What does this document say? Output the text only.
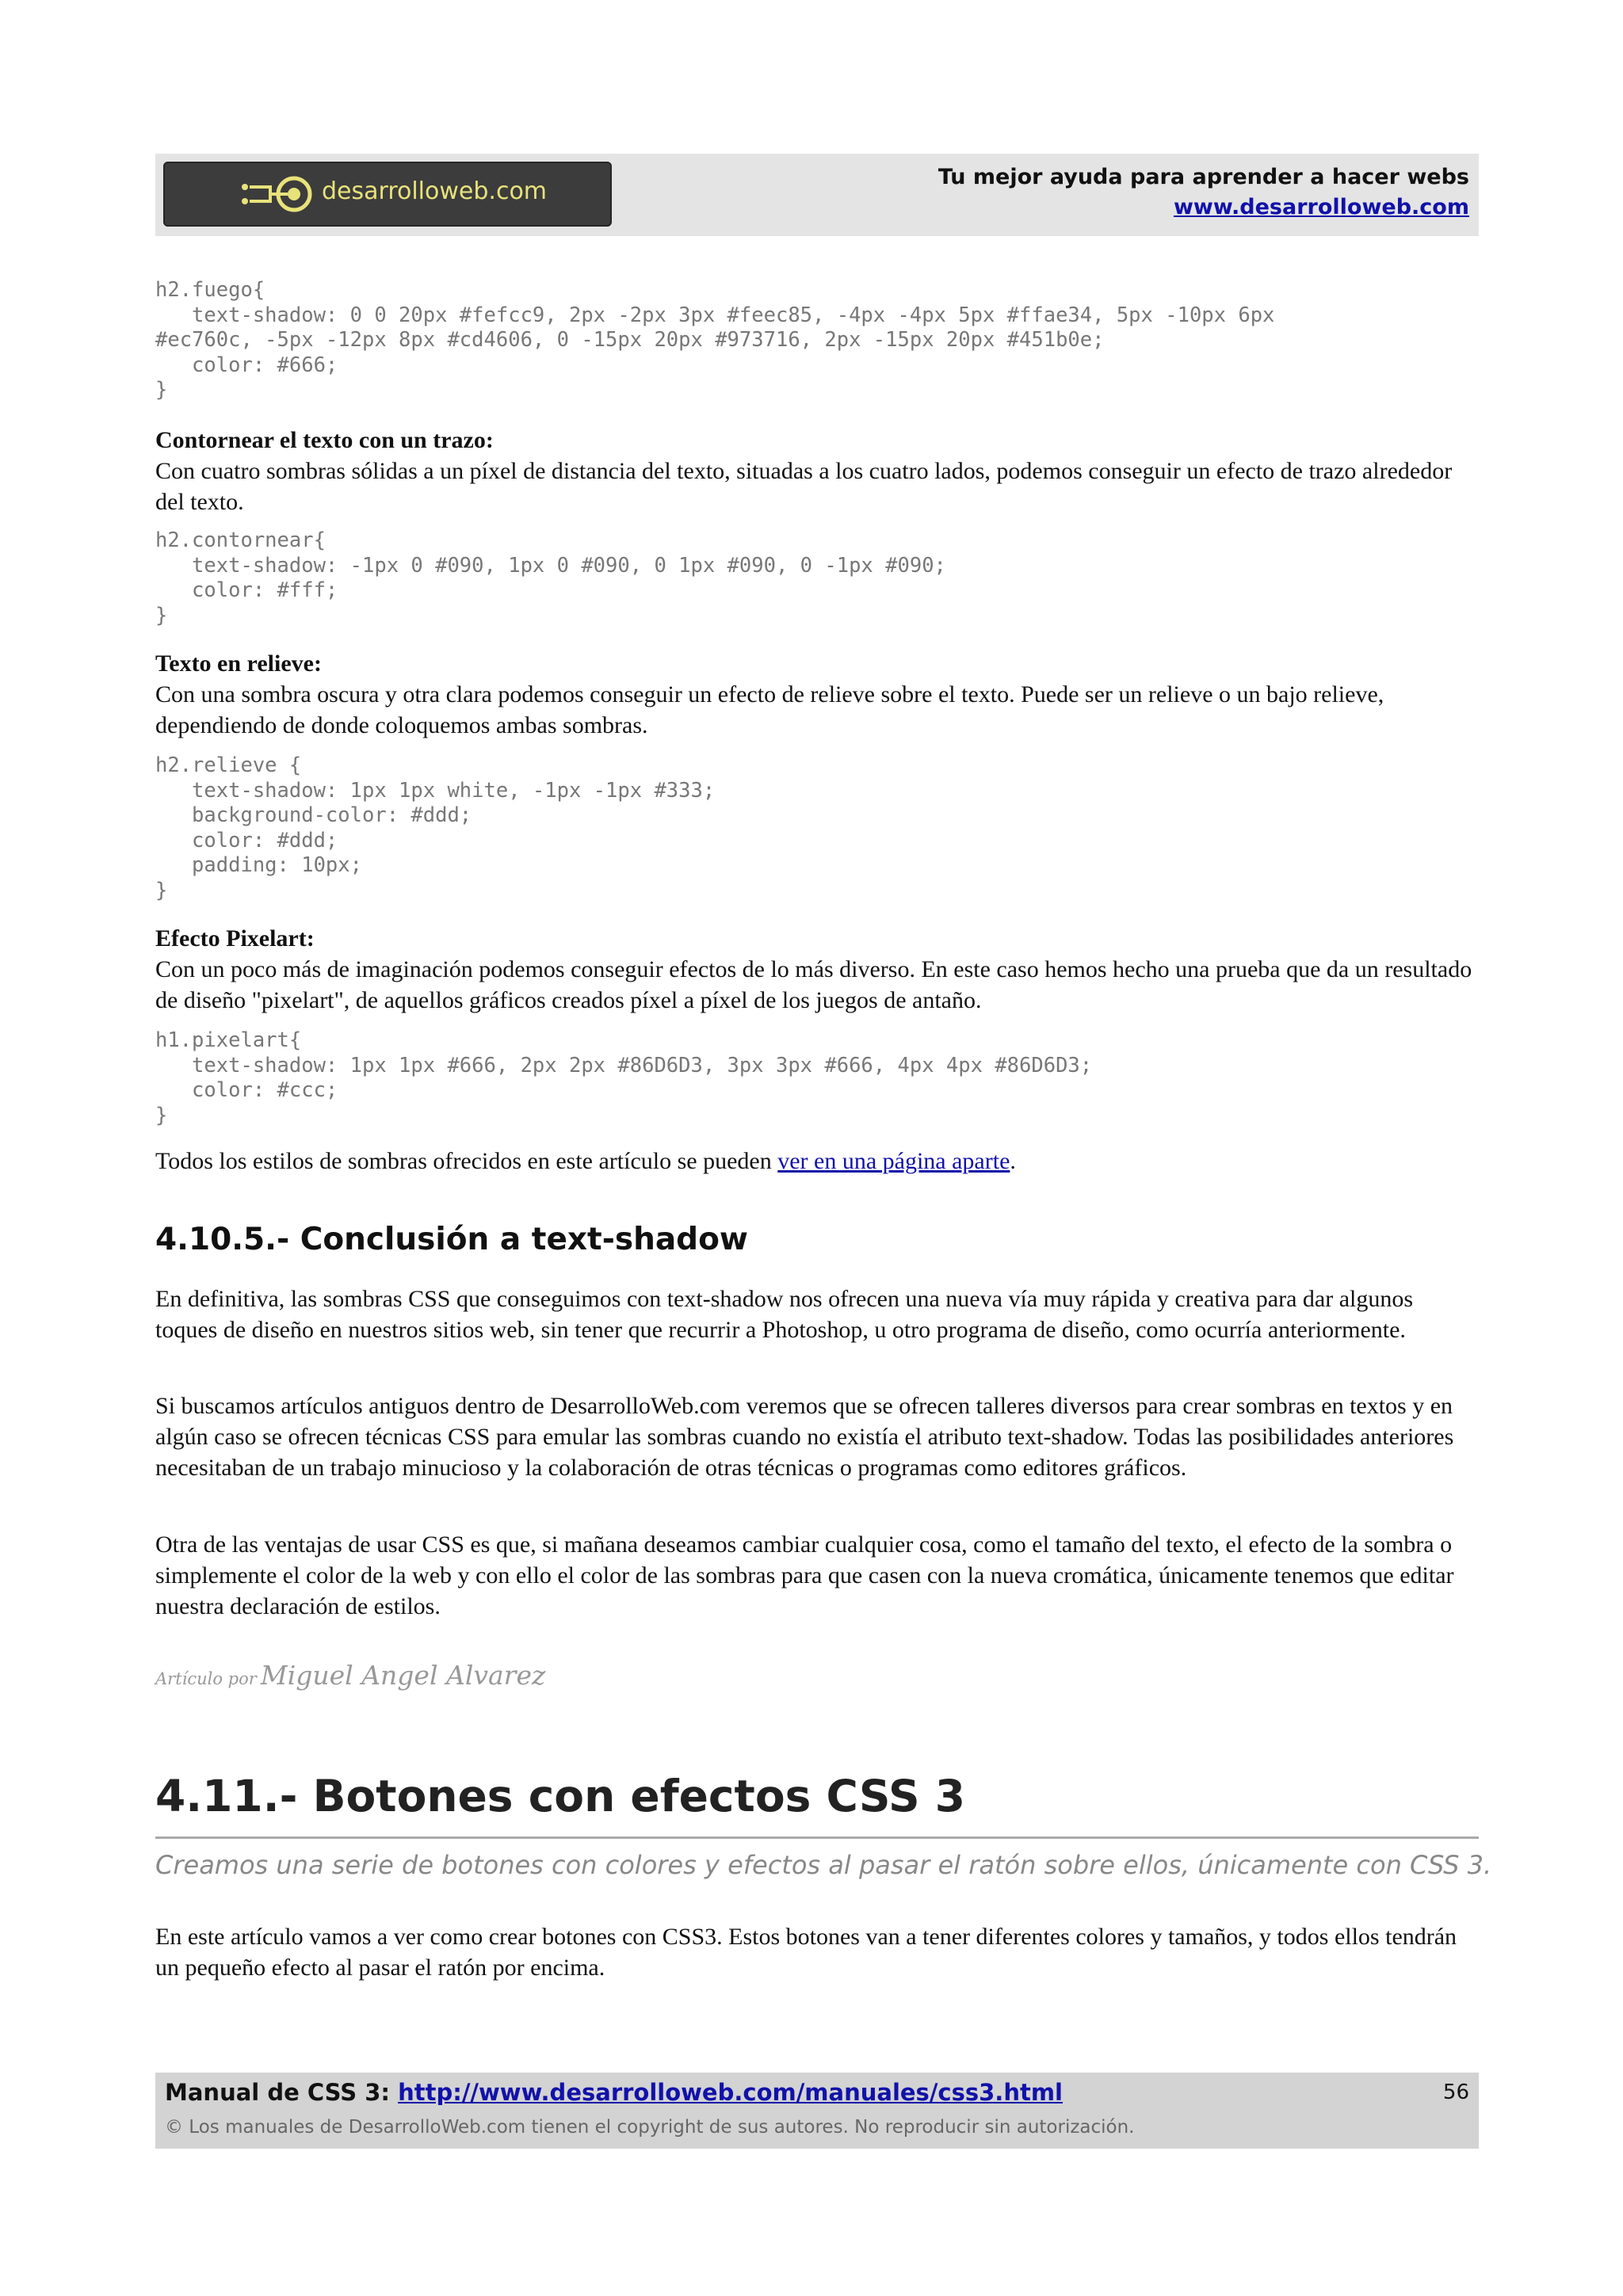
desarrolloweb.com
Tu mejor ayuda para aprender a hacer webs
www.desarrolloweb.com
h2.fuego{
text-shadow: 0 0 20px #fefcc9, 2px -2px 3px #feec85, -4px -4px 5px #ffae34, 5px -10px 6px
#ec760c, -5px -12px 8px #cd4606, 0 -15px 20px #973716, 2px -15px 20px #451b0e;
color: #666;
}

Contornear el texto con un trazo:
Con cuatro sombras sólidas a un píxel de distancia del texto, situadas a los cuatro lados, podemos conseguir un efecto de trazo alrededor del texto.

h2.contornear{
text-shadow: -1px 0 #090, 1px 0 #090, 0 1px #090, 0 -1px #090;
color: #fff;
}

Texto en relieve:
Con una sombra oscura y otra clara podemos conseguir un efecto de relieve sobre el texto. Puede ser un relieve o un bajo relieve, dependiendo de donde coloquemos ambas sombras.

h2.relieve {
text-shadow: 1px 1px white, -1px -1px #333;
background-color: #ddd;
color: #ddd;
padding: 10px;
}

Efecto Pixelart:
Con un poco más de imaginación podemos conseguir efectos de lo más diverso. En este caso hemos hecho una prueba que da un resultado de diseño "pixelart", de aquellos gráficos creados píxel a píxel de los juegos de antaño.

h1.pixelart{
text-shadow: 1px 1px #666, 2px 2px #86D6D3, 3px 3px #666, 4px 4px #86D6D3;
color: #ccc;
}

Todos los estilos de sombras ofrecidos en este artículo se pueden ver en una página aparte.

4.10.5.- Conclusión a text-shadow

En definitiva, las sombras CSS que conseguimos con text-shadow nos ofrecen una nueva vía muy rápida y creativa para dar algunos toques de diseño en nuestros sitios web, sin tener que recurrir a Photoshop, u otro programa de diseño, como ocurría anteriormente.

Si buscamos artículos antiguos dentro de DesarrolloWeb.com veremos que se ofrecen talleres diversos para crear sombras en textos y en algún caso se ofrecen técnicas CSS para emular las sombras cuando no existía el atributo text-shadow. Todas las posibilidades anteriores necesitaban de un trabajo minucioso y la colaboración de otras técnicas o programas como editores gráficos.

Otra de las ventajas de usar CSS es que, si mañana deseamos cambiar cualquier cosa, como el tamaño del texto, el efecto de la sombra o simplemente el color de la web y con ello el color de las sombras para que casen con la nueva cromática, únicamente tenemos que editar nuestra declaración de estilos.

Artículo por Miguel Angel Alvarez
4.11.- Botones con efectos CSS 3

Creamos una serie de botones con colores y efectos al pasar el ratón sobre ellos, únicamente con CSS 3.

En este artículo vamos a ver como crear botones con CSS3. Estos botones van a tener diferentes colores y tamaños, y todos ellos tendrán un pequeño efecto al pasar el ratón por encima.

Manual de CSS 3: http://www.desarrolloweb.com/manuales/css3.html	56
© Los manuales de DesarrolloWeb.com tienen el copyright de sus autores. No reproducir sin autorización.
